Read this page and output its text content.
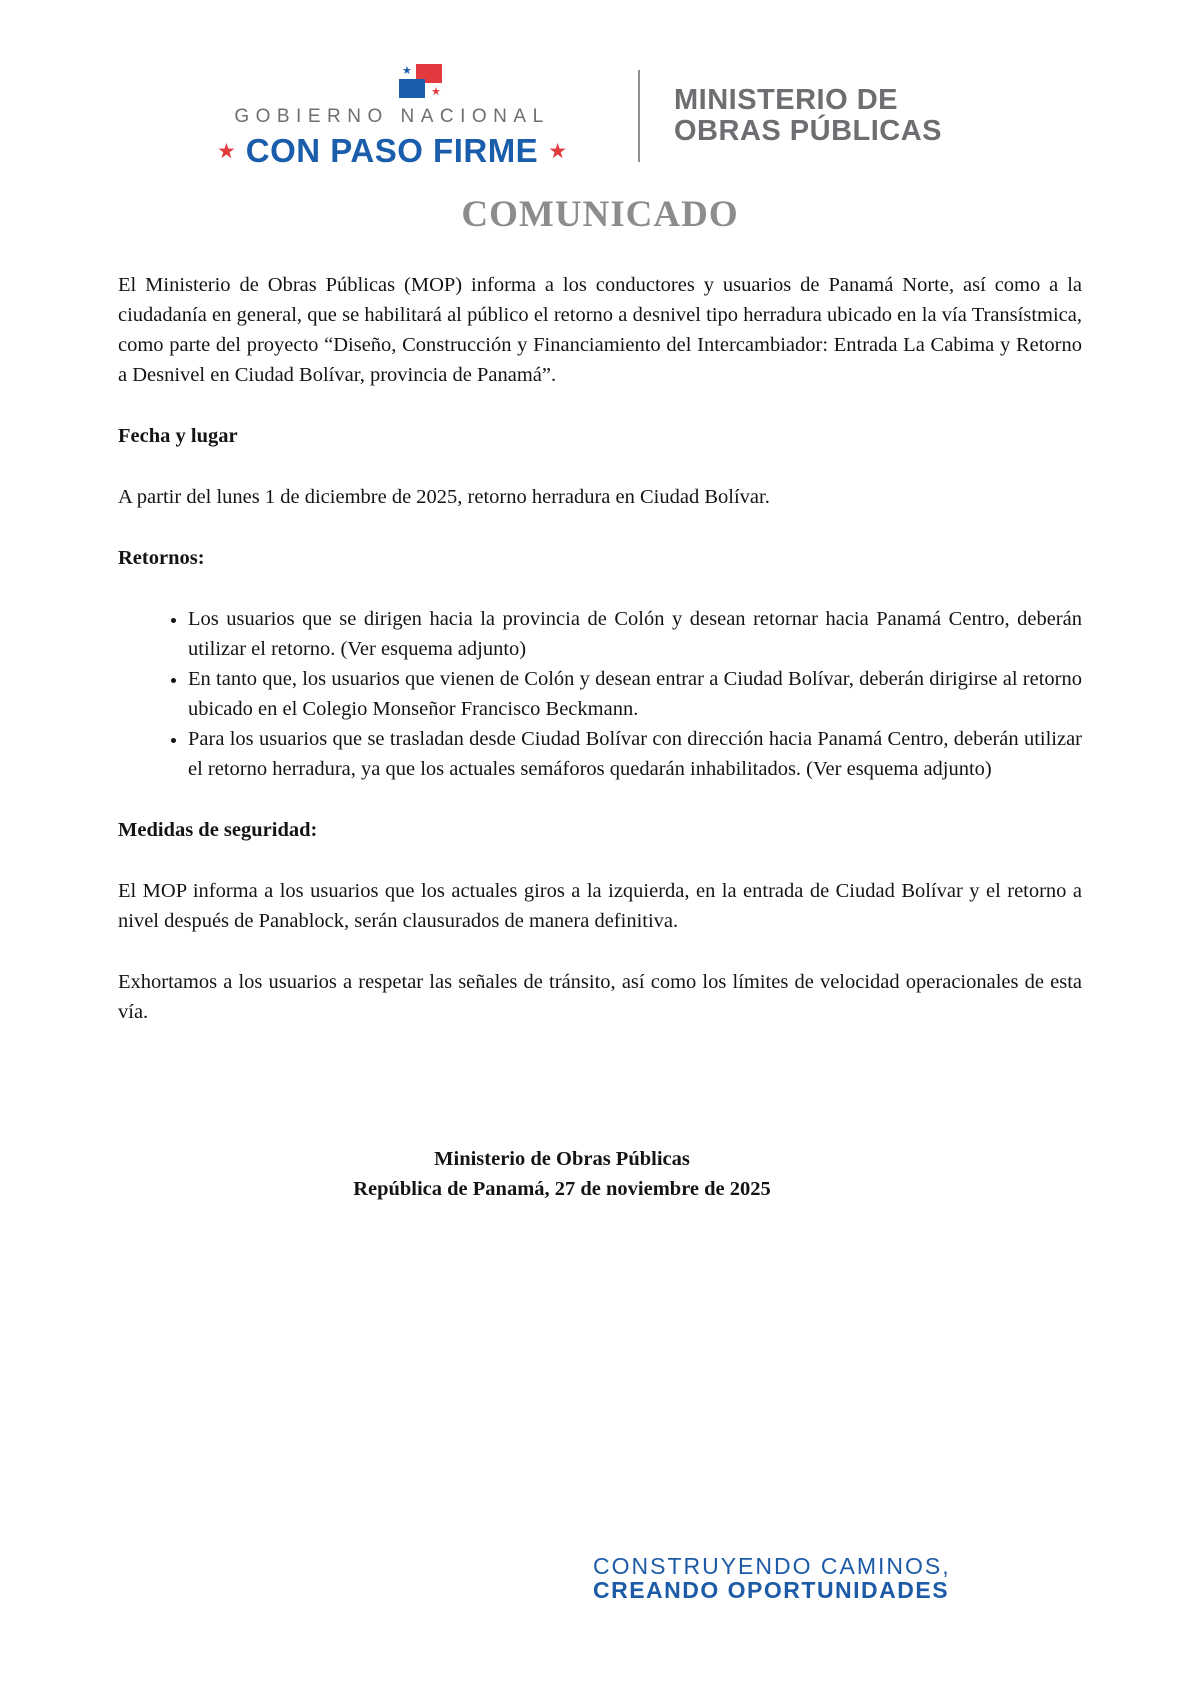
★
★
GOBIERNO NACIONAL
★ CON PASO FIRME ★
MINISTERIO DE
OBRAS PÚBLICAS
COMUNICADO

El Ministerio de Obras Públicas (MOP) informa a los conductores y usuarios de Panamá Norte, así como a la ciudadanía en general, que se habilitará al público el retorno a desnivel tipo herradura ubicado en la vía Transístmica, como parte del proyecto “Diseño, Construcción y Financiamiento del Intercambiador: Entrada La Cabima y Retorno a Desnivel en Ciudad Bolívar, provincia de Panamá”.

Fecha y lugar

A partir del lunes 1 de diciembre de 2025, retorno herradura en Ciudad Bolívar.

Retornos:

• Los usuarios que se dirigen hacia la provincia de Colón y desean retornar hacia Panamá Centro, deberán utilizar el retorno. (Ver esquema adjunto)
• En tanto que, los usuarios que vienen de Colón y desean entrar a Ciudad Bolívar, deberán dirigirse al retorno ubicado en el Colegio Monseñor Francisco Beckmann.
• Para los usuarios que se trasladan desde Ciudad Bolívar con dirección hacia Panamá Centro, deberán utilizar el retorno herradura, ya que los actuales semáforos quedarán inhabilitados. (Ver esquema adjunto)

Medidas de seguridad:

El MOP informa a los usuarios que los actuales giros a la izquierda, en la entrada de Ciudad Bolívar y el retorno a nivel después de Panablock, serán clausurados de manera definitiva.

Exhortamos a los usuarios a respetar las señales de tránsito, así como los límites de velocidad operacionales de esta vía.

Ministerio de Obras Públicas
República de Panamá, 27 de noviembre de 2025
CONSTRUYENDO CAMINOS,
CREANDO OPORTUNIDADES
